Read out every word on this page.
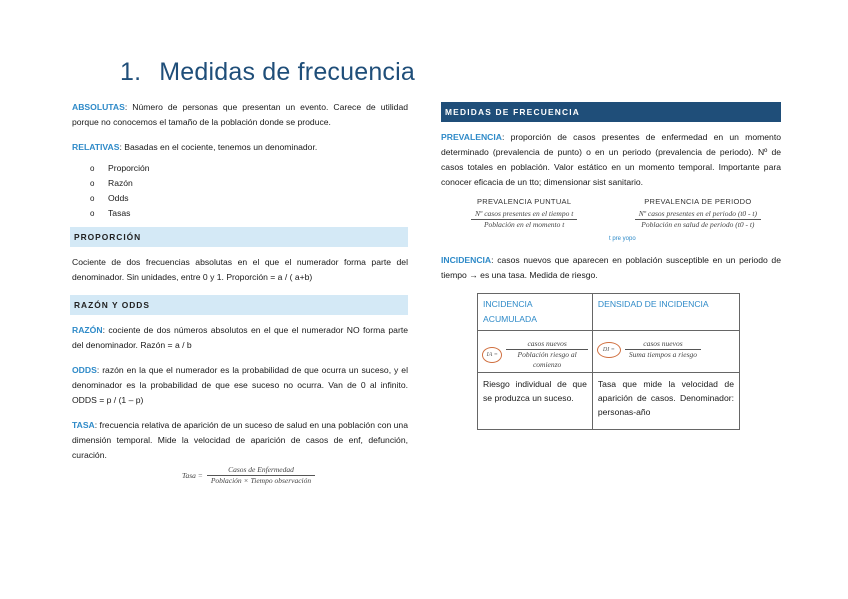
1. Medidas de frecuencia

ABSOLUTAS: Número de personas que presentan un evento. Carece de utilidad porque no conocemos el tamaño de la población donde se produce.

RELATIVAS: Basadas en el cociente, tenemos un denominador.

o Proporción
o Razón
o Odds
o Tasas
PROPORCIÓN

Cociente de dos frecuencias absolutas en el que el numerador forma parte del denominador. Sin unidades, entre 0 y 1. Proporción = a / ( a+b)

RAZÓN Y ODDS

RAZÓN: cociente de dos números absolutos en el que el numerador NO forma parte del denominador. Razón = a / b

ODDS: razón en la que el numerador es la probabilidad de que ocurra un suceso, y el denominador es la probabilidad de que ese suceso no ocurra. Van de 0 al infinito. ODDS = p / (1 – p)

TASA: frecuencia relativa de aparición de un suceso de salud en una población con una dimensión temporal. Mide la velocidad de aparición de casos de enf, defunción, curación.

Tasa = $\frac{\text{Casos de Enfermedad}}{\text{Población × Tiempo observación}}$
MEDIDAS DE FRECUENCIA

PREVALENCIA: proporción de casos presentes de enfermedad en un momento determinado (prevalencia de punto) o en un periodo (prevalencia de periodo). Nº de casos totales en población. Valor estático en un momento temporal. Importante para conocer eficacia de un tto; dimensionar sist sanitario.

PREVALENCIA PUNTUAL
$\frac{\text{Nº casos presentes en el tiempo t}}{\text{Población en el momento t}}$
PREVALENCIA DE PERIODO
$\frac{\text{Nº casos presentes en el periodo (t0 - t)}}{\text{Población en salud de periodo (t0 - t)}}$
t pre yopo

INCIDENCIA: casos nuevos que aparecen en población susceptible en un periodo de tiempo → es una tasa. Medida de riesgo.

INCIDENCIA ACUMULADA	DENSIDAD DE INCIDENCIA

IA = $\frac{\text{casos nuevos}}{\text{Población riesgo al comienzo}}$	DI = $\frac{\text{casos nuevos}}{\text{Suma tiempos a riesgo}}$

Riesgo individual de que se produzca un suceso.	Tasa que mide la velocidad de aparición de casos. Denominador: personas-año
